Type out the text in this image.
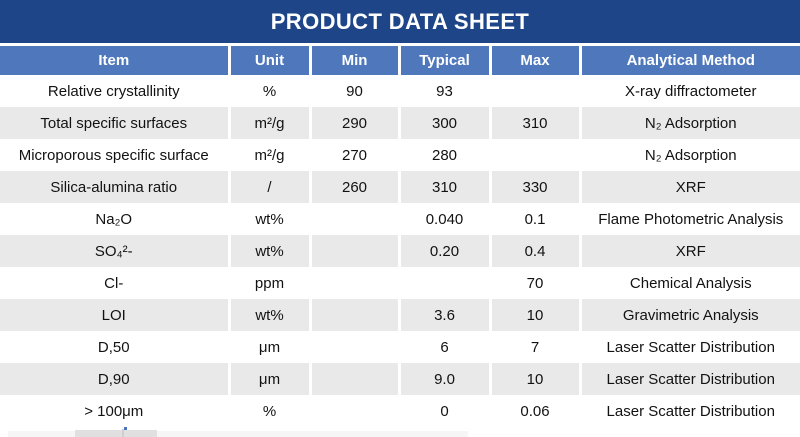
PRODUCT DATA SHEET
Item	Unit	Min	Typical	Max	Analytical Method
Relative crystallinity	%	90	93		X-ray diffractometer
Total specific surfaces	m²/g	290	300	310	N₂ Adsorption
Microporous specific surface	m²/g	270	280		N₂ Adsorption
Silica-alumina ratio	/	260	310	330	XRF
Na₂O	wt%		0.040	0.1	Flame Photometric Analysis
SO₄²-	wt%		0.20	0.4	XRF
Cl-	ppm			70	Chemical Analysis
LOI	wt%		3.6	10	Gravimetric Analysis
D,50	μm		6	7	Laser Scatter Distribution
D,90	μm		9.0	10	Laser Scatter Distribution
> 100μm	%		0	0.06	Laser Scatter Distribution
